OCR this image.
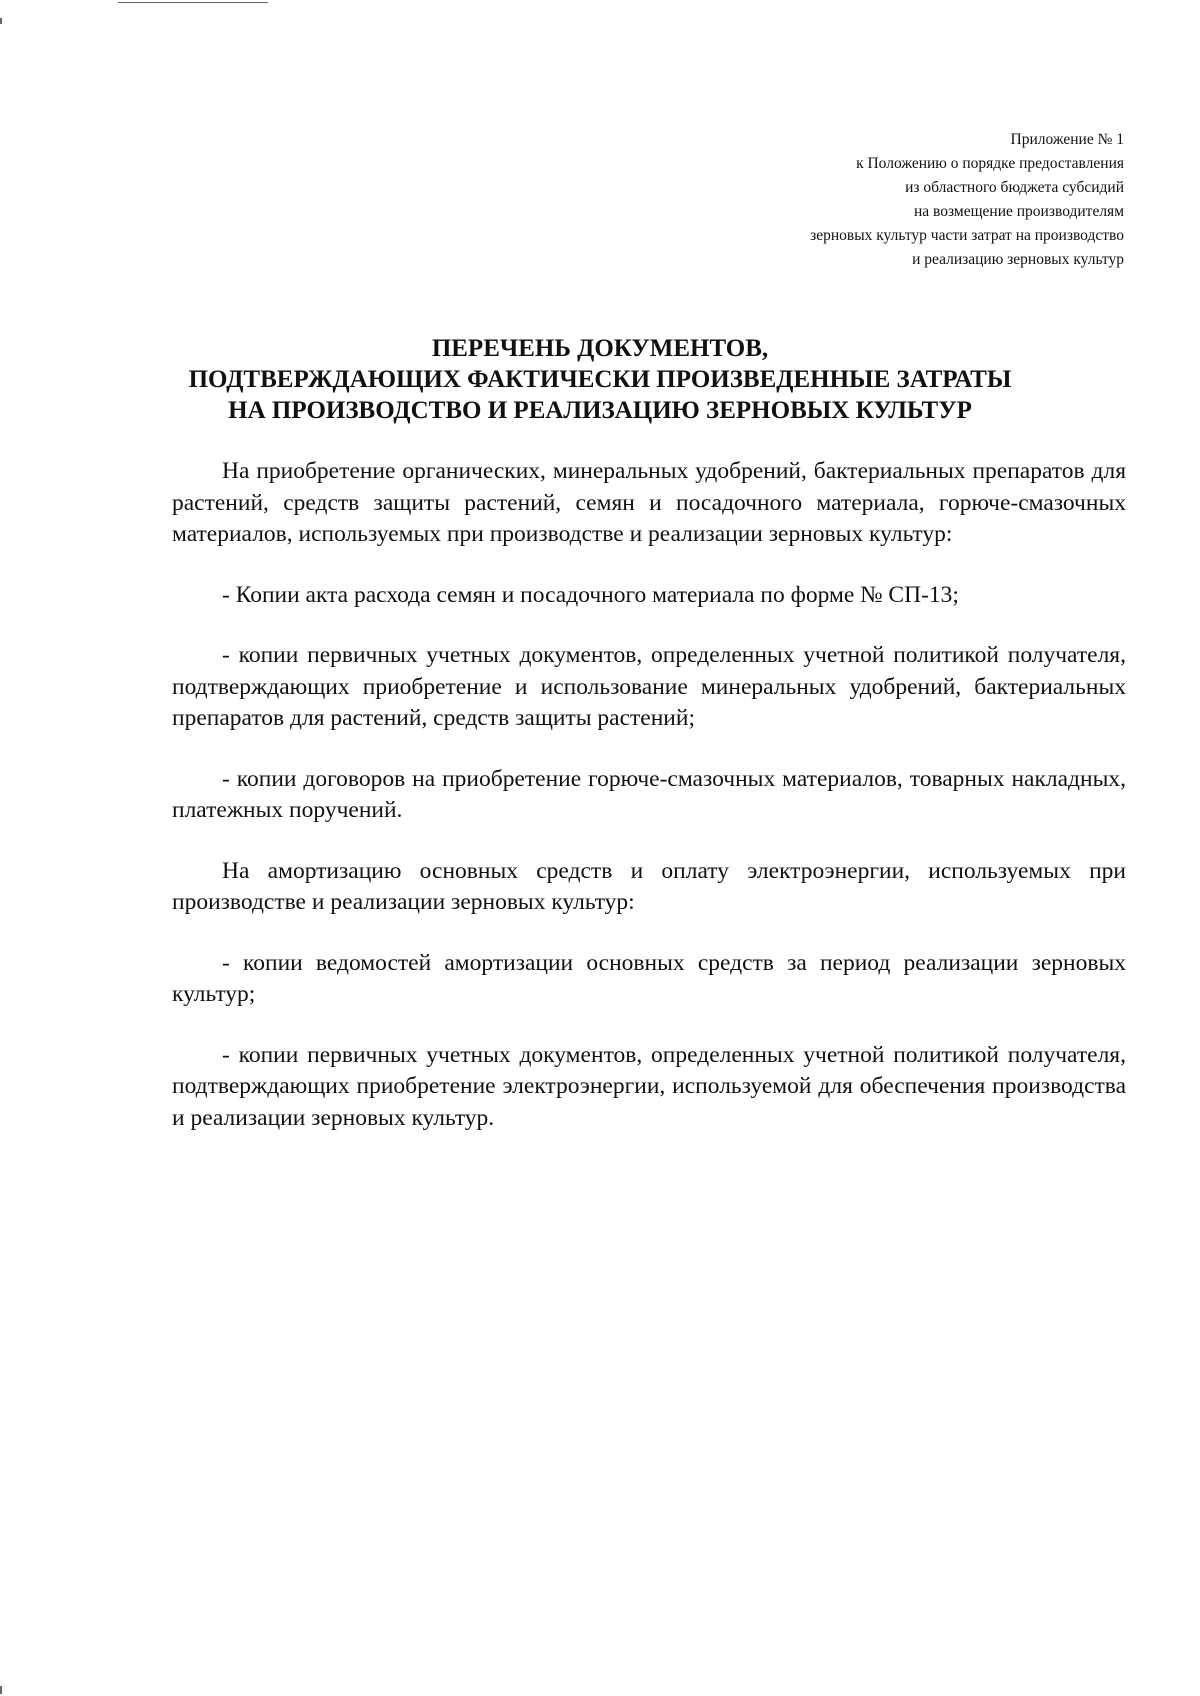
Приложение № 1
к Положению о порядке предоставления
из областного бюджета субсидий
на возмещение производителям
зерновых культур части затрат на производство
и реализацию зерновых культур
ПЕРЕЧЕНЬ ДОКУМЕНТОВ,
ПОДТВЕРЖДАЮЩИХ ФАКТИЧЕСКИ ПРОИЗВЕДЕННЫЕ ЗАТРАТЫ
НА ПРОИЗВОДСТВО И РЕАЛИЗАЦИЮ ЗЕРНОВЫХ КУЛЬТУР

На приобретение органических, минеральных удобрений, бактериальных препаратов для растений, средств защиты растений, семян и посадочного материала, горюче-смазочных материалов, используемых при производстве и реализации зерновых культур:

- Копии акта расхода семян и посадочного материала по форме № СП-13;

- копии первичных учетных документов, определенных учетной политикой получателя, подтверждающих приобретение и использование минеральных удобрений, бактериальных препаратов для растений, средств защиты растений;

- копии договоров на приобретение горюче-смазочных материалов, товарных накладных, платежных поручений.

На амортизацию основных средств и оплату электроэнергии, используемых при производстве и реализации зерновых культур:

- копии ведомостей амортизации основных средств за период реализации зерновых культур;

- копии первичных учетных документов, определенных учетной политикой получателя, подтверждающих приобретение электроэнергии, используемой для обеспечения производства и реализации зерновых культур.
